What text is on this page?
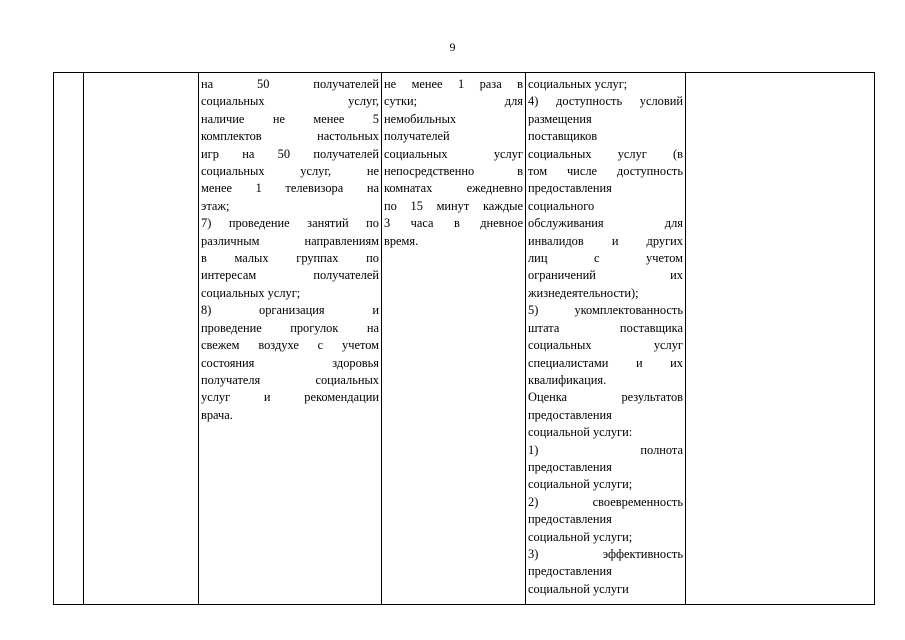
9

на 50 получателей
социальных услуг,
наличие не менее 5
комплектов настольных
игр на 50 получателей
социальных услуг, не
менее 1 телевизора на
этаж;
7) проведение занятий по
различным направлениям
в малых группах по
интересам получателей
социальных услуг;
8) организация и
проведение прогулок на
свежем воздухе с учетом
состояния здоровья
получателя социальных
услуг и рекомендации
врача.

не менее 1 раза в
сутки; для
немобильных
получателей
социальных услуг
непосредственно в
комнатах ежедневно
по 15 минут каждые
3 часа в дневное
время.

социальных услуг;
4) доступность условий
размещения
поставщиков
социальных услуг (в
том числе доступность
предоставления
социального
обслуживания для
инвалидов и других
лиц с учетом
ограничений их
жизнедеятельности);
5) укомплектованность
штата поставщика
социальных услуг
специалистами и их
квалификация.
Оценка результатов
предоставления
социальной услуги:
1) полнота
предоставления
социальной услуги;
2) своевременность
предоставления
социальной услуги;
3) эффективность
предоставления
социальной услуги
